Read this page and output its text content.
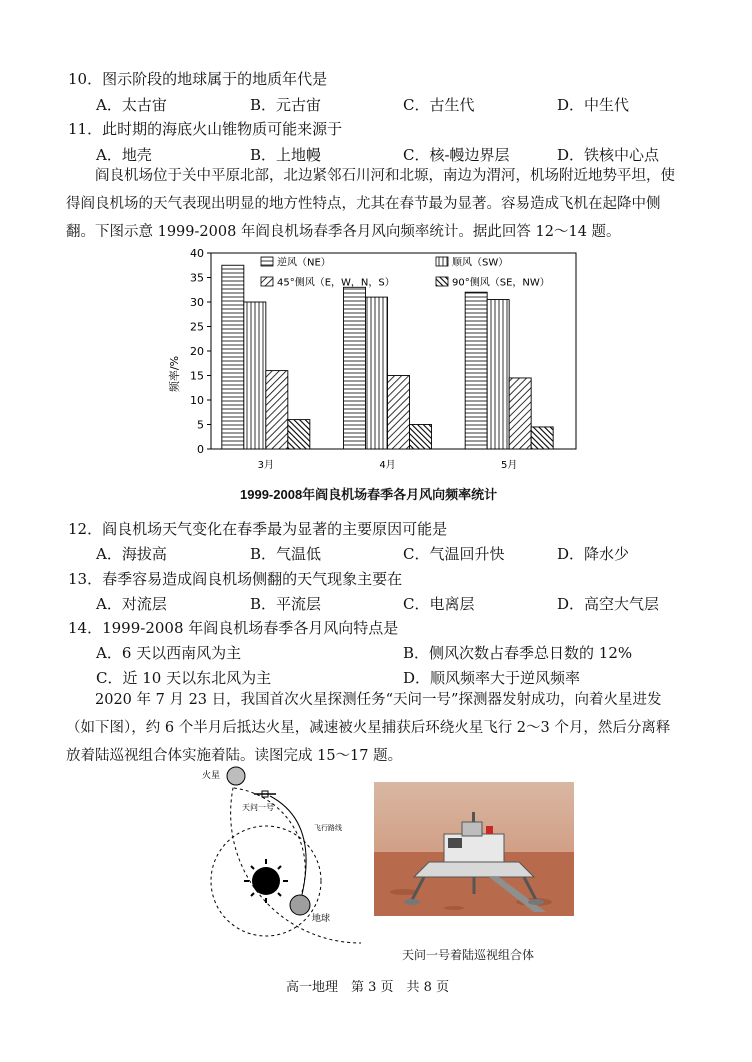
10．图示阶段的地球属于的地质年代是
A．太古宙	B．元古宙	C．古生代	D．中生代
11．此时期的海底火山锥物质可能来源于
A．地壳	B．上地幔	C．核-幔边界层	D．铁核中心点
阎良机场位于关中平原北部，北边紧邻石川河和北塬，南边为渭河，机场附近地势平坦，使得阎良机场的天气表现出明显的地方性特点，尤其在春节最为显著。容易造成飞机在起降中侧翻。下图示意 1999-2008 年阎良机场春季各月风向频率统计。据此回答 12～14 题。
0
5
10
15
20
25
30
35
40
3月	4月	5月
逆风（NE）	顺风（SW）
45°侧风（E，W，N，S）	90°侧风（SE，NW）
频率/%
1999-2008年阎良机场春季各月风向频率统计
12．阎良机场天气变化在春季最为显著的主要原因可能是
A．海拔高	B．气温低	C．气温回升快	D．降水少
13．春季容易造成阎良机场侧翻的天气现象主要在
A．对流层	B．平流层	C．电离层	D．高空大气层
14．1999-2008 年阎良机场春季各月风向特点是
A．6 天以西南风为主	B．侧风次数占春季总日数的 12%
C．近 10 天以东北风为主	D．顺风频率大于逆风频率
2020 年 7 月 23 日，我国首次火星探测任务“天问一号”探测器发射成功，向着火星进发（如下图），约 6 个半月后抵达火星，减速被火星捕获后环绕火星飞行 2～3 个月，然后分离释放着陆巡视组合体实施着陆。读图完成 15～17 题。
火星
天问一号
飞行路线
地球
天问一号着陆巡视组合体
高一地理　第 3 页　共 8 页
